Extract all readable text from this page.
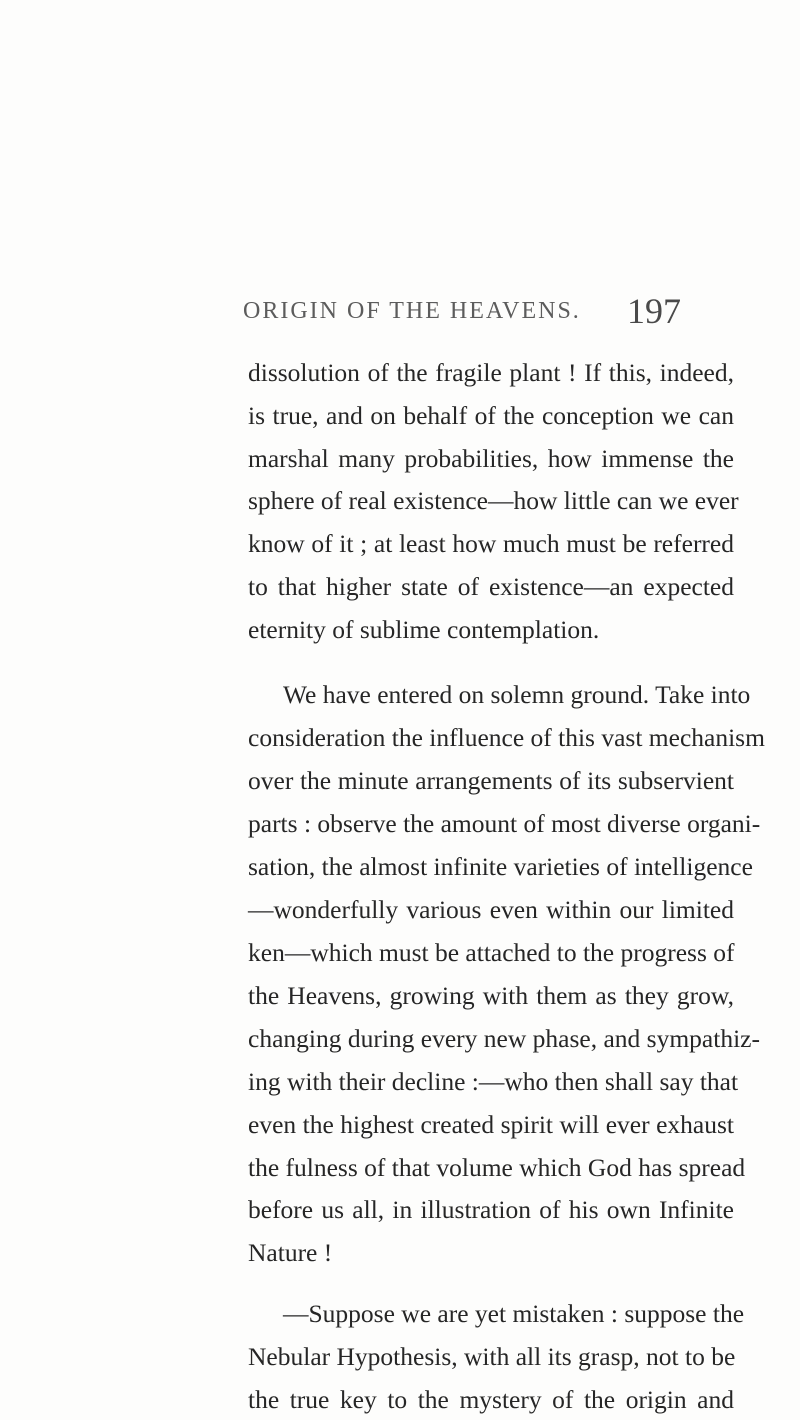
ORIGIN OF THE HEAVENS. 197
dissolution of the fragile plant ! If this, indeed,
is true, and on behalf of the conception we can
marshal many probabilities, how immense the
sphere of real existence—how little can we ever
know of it ; at least how much must be referred
to that higher state of existence—an expected
eternity of sublime contemplation.
We have entered on solemn ground. Take into
consideration the influence of this vast mechanism
over the minute arrangements of its subservient
parts : observe the amount of most diverse organi-
sation, the almost infinite varieties of intelligence
—wonderfully various even within our limited
ken—which must be attached to the progress of
the Heavens, growing with them as they grow,
changing during every new phase, and sympathiz-
ing with their decline :—who then shall say that
even the highest created spirit will ever exhaust
the fulness of that volume which God has spread
before us all, in illustration of his own Infinite
Nature !
—Suppose we are yet mistaken : suppose the
Nebular Hypothesis, with all its grasp, not to be
the true key to the mystery of the origin and
